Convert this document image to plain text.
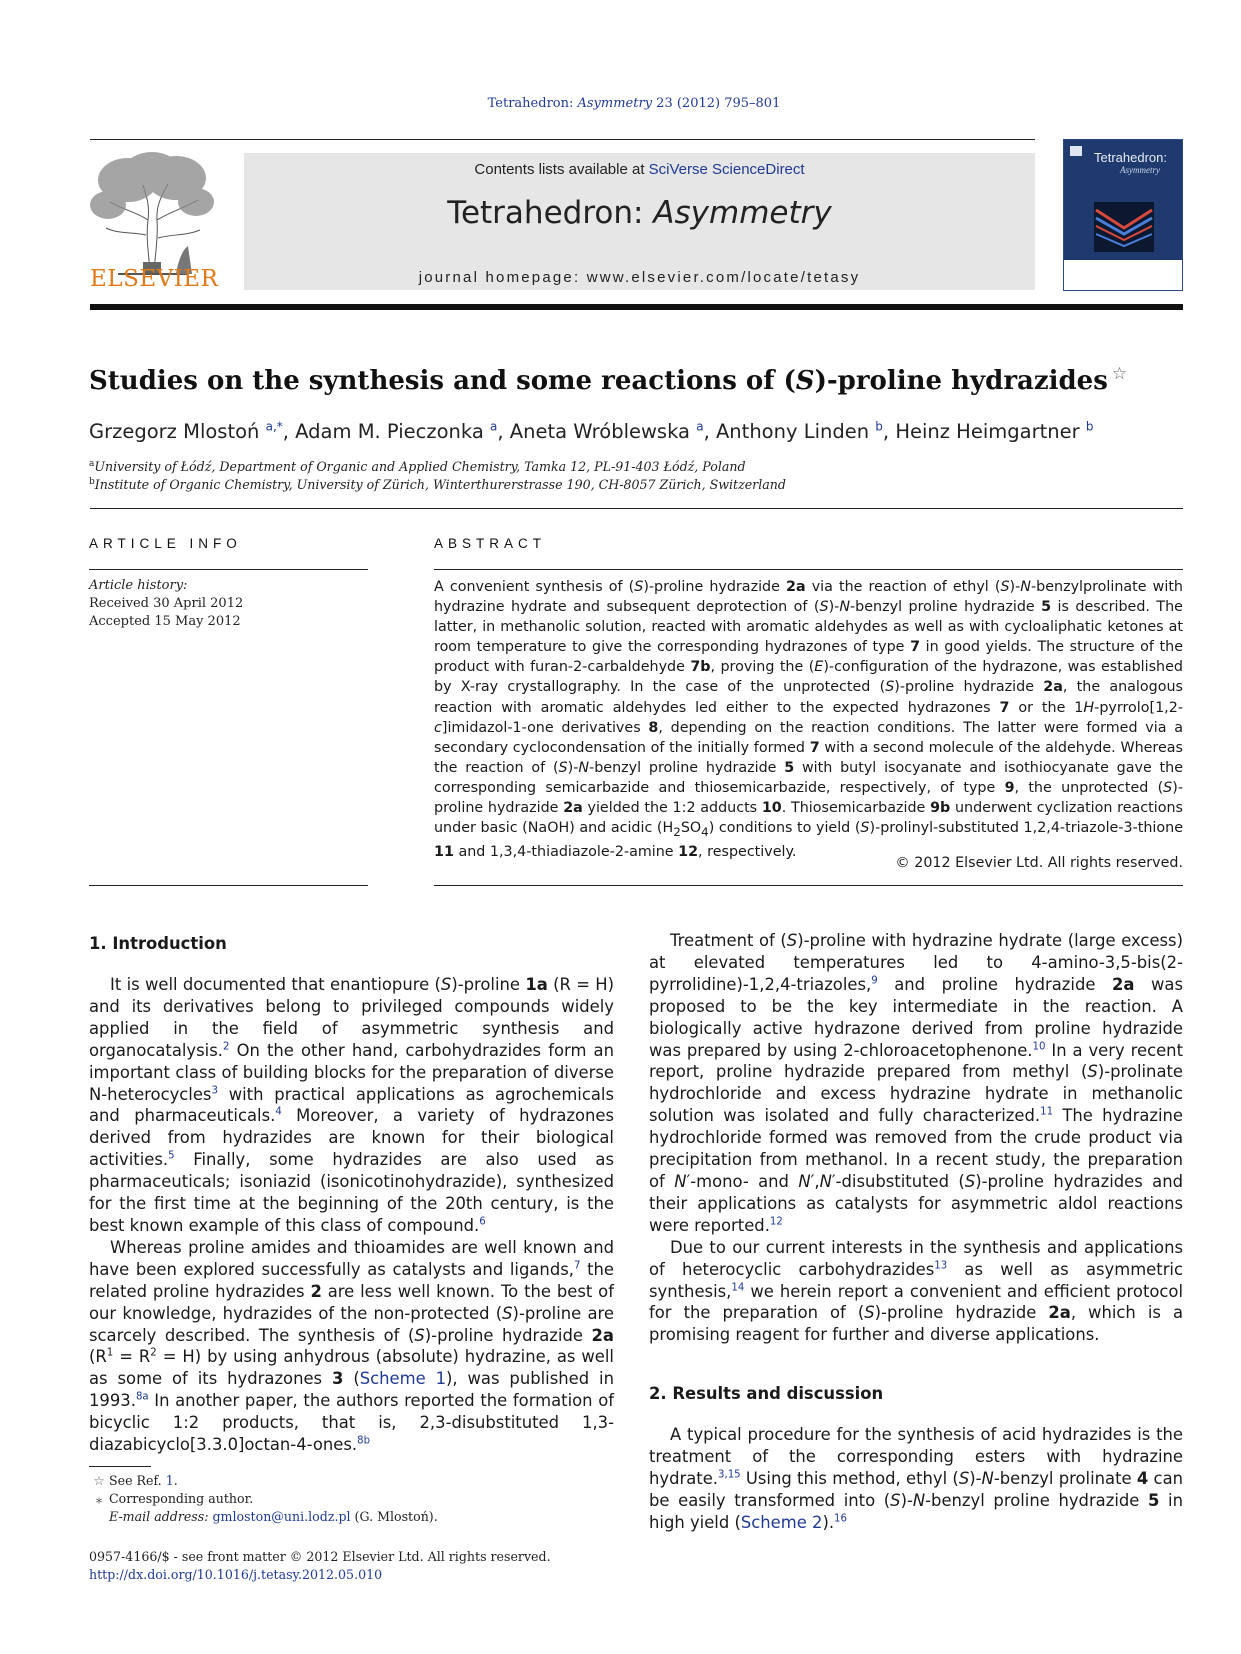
Tetrahedron: Asymmetry 23 (2012) 795–801
ELSEVIER
Contents lists available at SciVerse ScienceDirect
Tetrahedron: Asymmetry
journal homepage: www.elsevier.com/locate/tetasy
Tetrahedron:
Asymmetry
Studies on the synthesis and some reactions of (S)-proline hydrazides ☆
Grzegorz Mlostoń $^{a,*}$, Adam M. Pieczonka $^a$, Aneta Wróblewska $^a$, Anthony Linden $^b$, Heinz Heimgartner $^b$
$^a$University of Łódź, Department of Organic and Applied Chemistry, Tamka 12, PL-91-403 Łódź, Poland
$^b$Institute of Organic Chemistry, University of Zürich, Winterthurerstrasse 190, CH-8057 Zürich, Switzerland
ARTICLE INFO	ABSTRACT
Article history:
Received 30 April 2012
Accepted 15 May 2012
A convenient synthesis of (S)-proline hydrazide 2a via the reaction of ethyl (S)-N-benzylprolinate with hydrazine hydrate and subsequent deprotection of (S)-N-benzyl proline hydrazide 5 is described. The latter, in methanolic solution, reacted with aromatic aldehydes as well as with cycloaliphatic ketones at room temperature to give the corresponding hydrazones of type 7 in good yields. The structure of the product with furan-2-carbaldehyde 7b, proving the (E)-configuration of the hydrazone, was established by X-ray crystallography. In the case of the unprotected (S)-proline hydrazide 2a, the analogous reaction with aromatic aldehydes led either to the expected hydrazones 7 or the 1H-pyrrolo[1,2-c]imidazol-1-one derivatives 8, depending on the reaction conditions. The latter were formed via a secondary cyclocondensation of the initially formed 7 with a second molecule of the aldehyde. Whereas the reaction of (S)-N-benzyl proline hydrazide 5 with butyl isocyanate and isothiocyanate gave the corresponding semicarbazide and thiosemicarbazide, respectively, of type 9, the unprotected (S)-proline hydrazide 2a yielded the 1:2 adducts 10. Thiosemicarbazide 9b underwent cyclization reactions under basic (NaOH) and acidic $(H_2SO_4)$ conditions to yield (S)-prolinyl-substituted 1,2,4-triazole-3-thione 11 and 1,3,4-thiadiazole-2-amine 12, respectively.
© 2012 Elsevier Ltd. All rights reserved.
1. Introduction

It is well documented that enantiopure (S)-proline 1a (R = H) and its derivatives belong to privileged compounds widely applied in the field of asymmetric synthesis and organocatalysis.$^2$ On the other hand, carbohydrazides form an important class of building blocks for the preparation of diverse N-heterocycles$^3$ with practical applications as agrochemicals and pharmaceuticals.$^4$ Moreover, a variety of hydrazones derived from hydrazides are known for their biological activities.$^5$ Finally, some hydrazides are also used as pharmaceuticals; isoniazid (isonicotinohydrazide), synthesized for the first time at the beginning of the 20th century, is the best known example of this class of compound.$^6$

Whereas proline amides and thioamides are well known and have been explored successfully as catalysts and ligands,$^7$ the related proline hydrazides 2 are less well known. To the best of our knowledge, hydrazides of the non-protected (S)-proline are scarcely described. The synthesis of (S)-proline hydrazide 2a $(R^1 = R^2 = H)$ by using anhydrous (absolute) hydrazine, as well as some of its hydrazones 3 (Scheme 1), was published in 1993.$^{8a}$ In another paper, the authors reported the formation of bicyclic 1:2 products, that is, 2,3-disubstituted 1,3-diazabicyclo[3.3.0]octan-4-ones.$^{8b}$

Treatment of (S)-proline with hydrazine hydrate (large excess) at elevated temperatures led to 4-amino-3,5-bis(2-pyrrolidine)-1,2,4-triazoles,$^9$ and proline hydrazide 2a was proposed to be the key intermediate in the reaction. A biologically active hydrazone derived from proline hydrazide was prepared by using 2-chloroacetophenone.$^{10}$ In a very recent report, proline hydrazide prepared from methyl (S)-prolinate hydrochloride and excess hydrazine hydrate in methanolic solution was isolated and fully characterized.$^{11}$ The hydrazine hydrochloride formed was removed from the crude product via precipitation from methanol. In a recent study, the preparation of N′-mono- and N′,N′-disubstituted (S)-proline hydrazides and their applications as catalysts for asymmetric aldol reactions were reported.$^{12}$

Due to our current interests in the synthesis and applications of heterocyclic carbohydrazides$^{13}$ as well as asymmetric synthesis,$^{14}$ we herein report a convenient and efficient protocol for the preparation of (S)-proline hydrazide 2a, which is a promising reagent for further and diverse applications.

2. Results and discussion

A typical procedure for the synthesis of acid hydrazides is the treatment of the corresponding esters with hydrazine hydrate.$^{3,15}$ Using this method, ethyl (S)-N-benzyl prolinate 4 can be easily transformed into (S)-N-benzyl proline hydrazide 5 in high yield (Scheme 2).$^{16}$

☆ See Ref. 1.
⁎ Corresponding author.
E-mail address: gmloston@uni.lodz.pl (G. Mlostoń).
0957-4166/$ - see front matter © 2012 Elsevier Ltd. All rights reserved.
http://dx.doi.org/10.1016/j.tetasy.2012.05.010
